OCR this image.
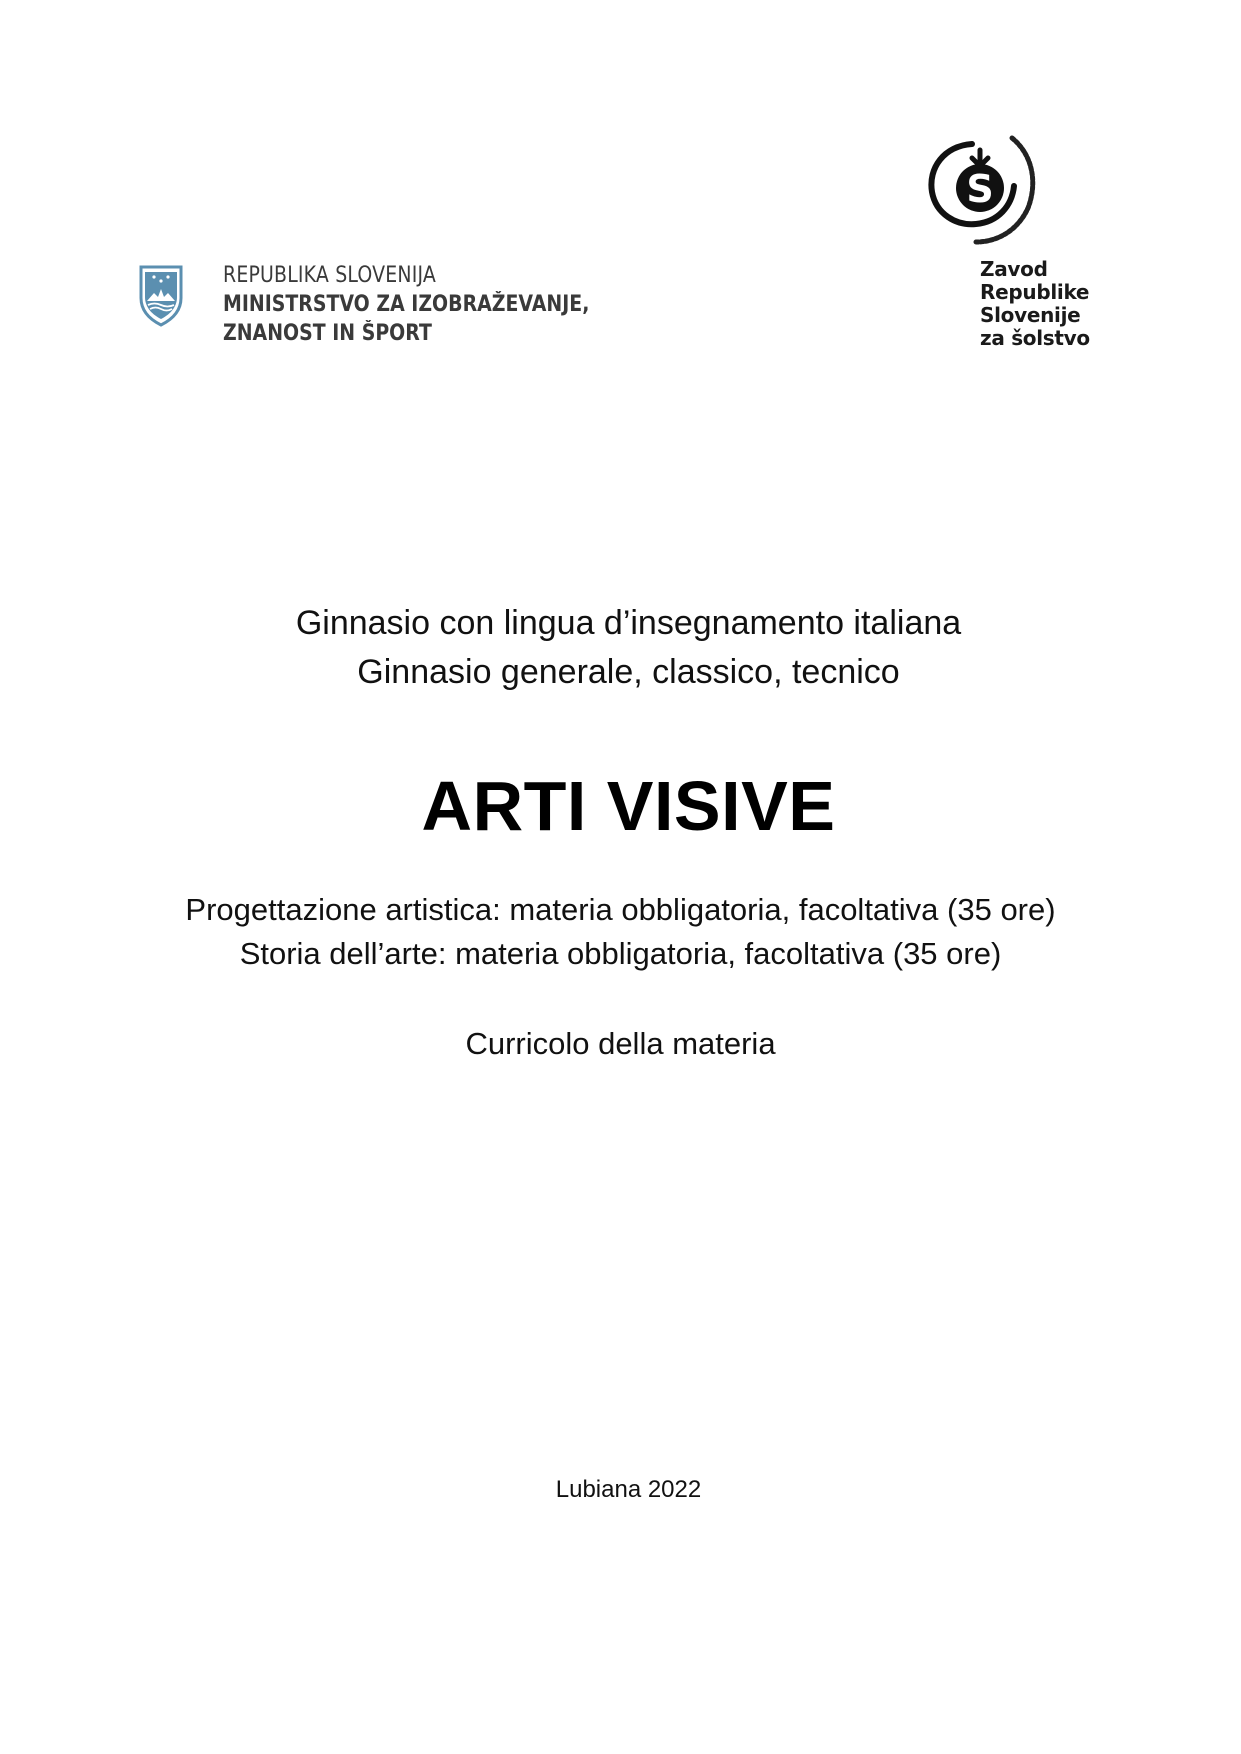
REPUBLIKA SLOVENIJA
MINISTRSTVO ZA IZOBRAŽEVANJE,
ZNANOST IN ŠPORT
S
Zavod
Republike
Slovenije
za šolstvo
Ginnasio con lingua d’insegnamento italiana
Ginnasio generale, classico, tecnico
ARTI VISIVE
Progettazione artistica: materia obbligatoria, facoltativa (35 ore)
Storia dell’arte: materia obbligatoria, facoltativa (35 ore)
Curricolo della materia
Lubiana 2022
